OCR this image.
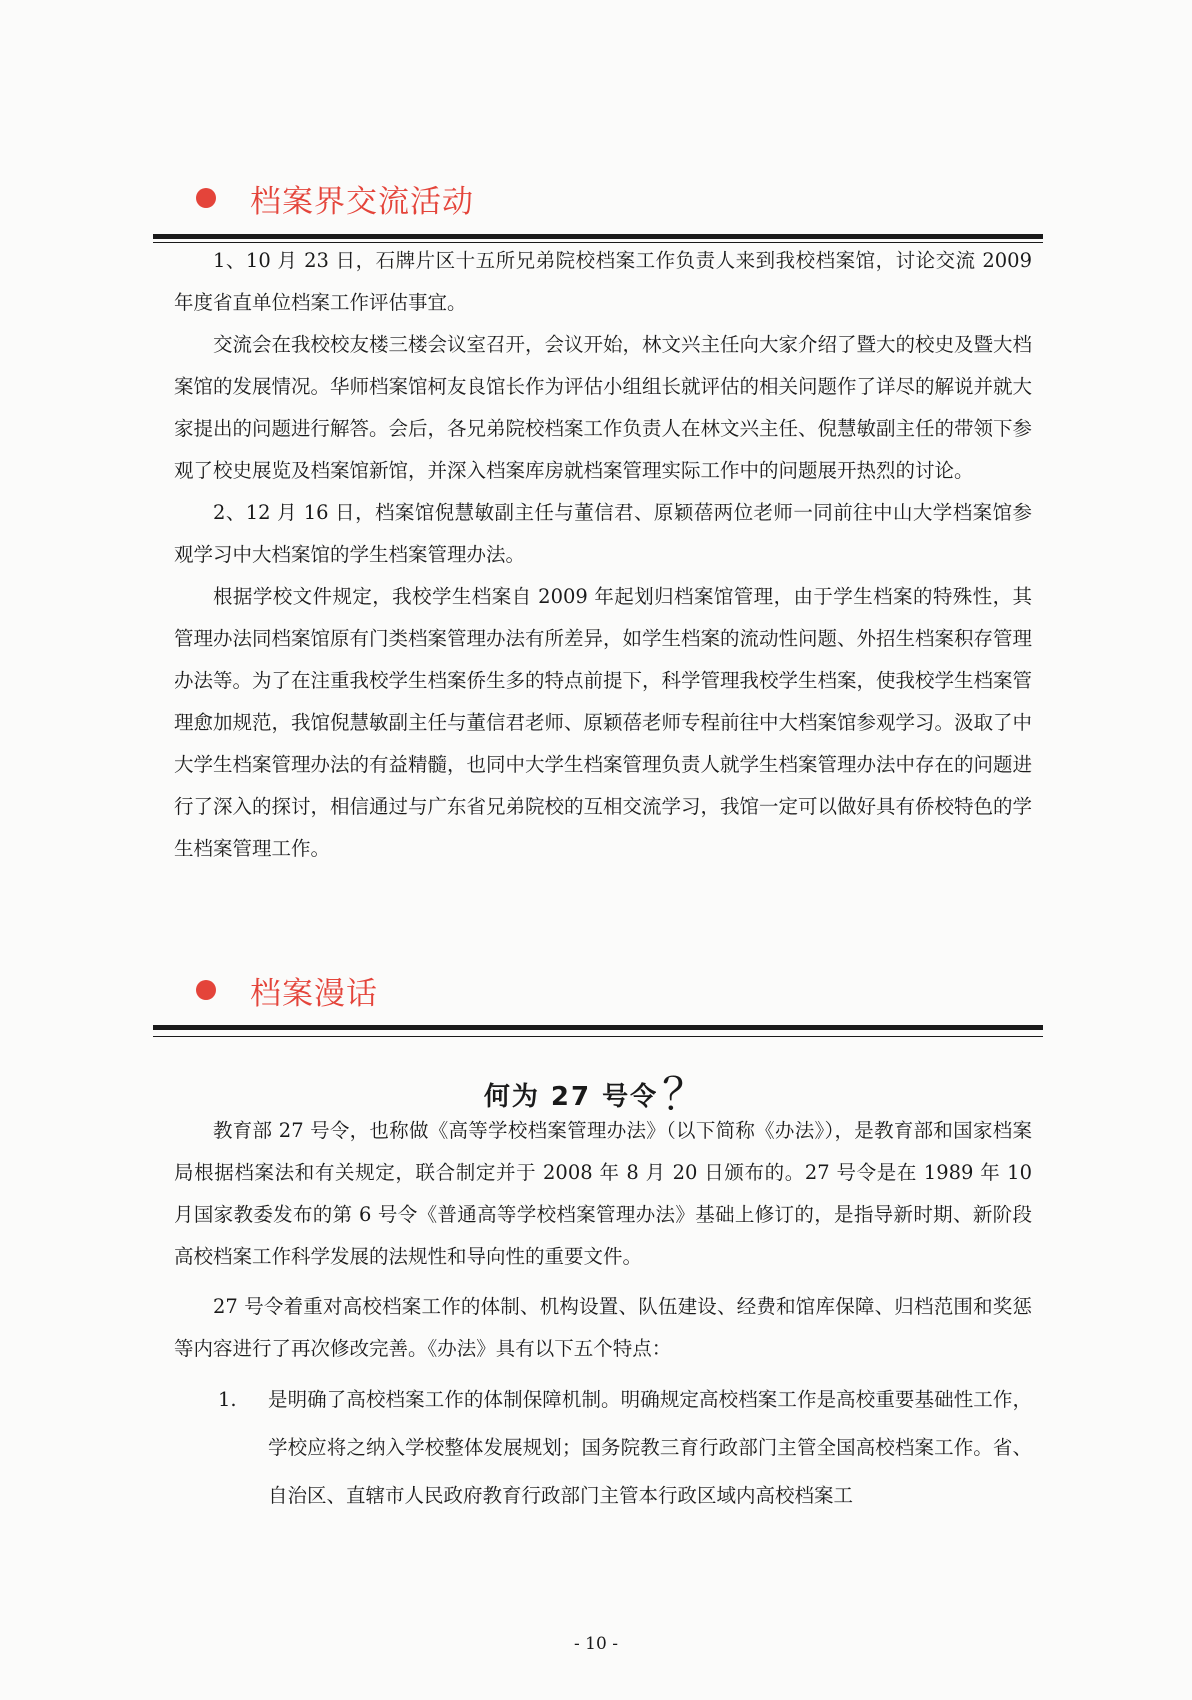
档案界交流活动

1、10 月 23 日，石牌片区十五所兄弟院校档案工作负责人来到我校档案馆，讨论交流 2009 年度省直单位档案工作评估事宜。

交流会在我校校友楼三楼会议室召开，会议开始，林文兴主任向大家介绍了暨大的校史及暨大档案馆的发展情况。华师档案馆柯友良馆长作为评估小组组长就评估的相关问题作了详尽的解说并就大家提出的问题进行解答。会后，各兄弟院校档案工作负责人在林文兴主任、倪慧敏副主任的带领下参观了校史展览及档案馆新馆，并深入档案库房就档案管理实际工作中的问题展开热烈的讨论。

2、12 月 16 日，档案馆倪慧敏副主任与董信君、原颖蓓两位老师一同前往中山大学档案馆参观学习中大档案馆的学生档案管理办法。

根据学校文件规定，我校学生档案自 2009 年起划归档案馆管理，由于学生档案的特殊性，其管理办法同档案馆原有门类档案管理办法有所差异，如学生档案的流动性问题、外招生档案积存管理办法等。为了在注重我校学生档案侨生多的特点前提下，科学管理我校学生档案，使我校学生档案管理愈加规范，我馆倪慧敏副主任与董信君老师、原颖蓓老师专程前往中大档案馆参观学习。汲取了中大学生档案管理办法的有益精髓，也同中大学生档案管理负责人就学生档案管理办法中存在的问题进行了深入的探讨，相信通过与广东省兄弟院校的互相交流学习，我馆一定可以做好具有侨校特色的学生档案管理工作。

档案漫话
何为 27 号令？

教育部 27 号令，也称做《高等学校档案管理办法》（以下简称《办法》），是教育部和国家档案局根据档案法和有关规定，联合制定并于 2008 年 8 月 20 日颁布的。27 号令是在 1989 年 10 月国家教委发布的第 6 号令《普通高等学校档案管理办法》基础上修订的，是指导新时期、新阶段高校档案工作科学发展的法规性和导向性的重要文件。

27 号令着重对高校档案工作的体制、机构设置、队伍建设、经费和馆库保障、归档范围和奖惩等内容进行了再次修改完善。《办法》具有以下五个特点：

1.	是明确了高校档案工作的体制保障机制。明确规定高校档案工作是高校重要基础性工作，学校应将之纳入学校整体发展规划；国务院教三育行政部门主管全国高校档案工作。省、自治区、直辖市人民政府教育行政部门主管本行政区域内高校档案工
- 10 -
